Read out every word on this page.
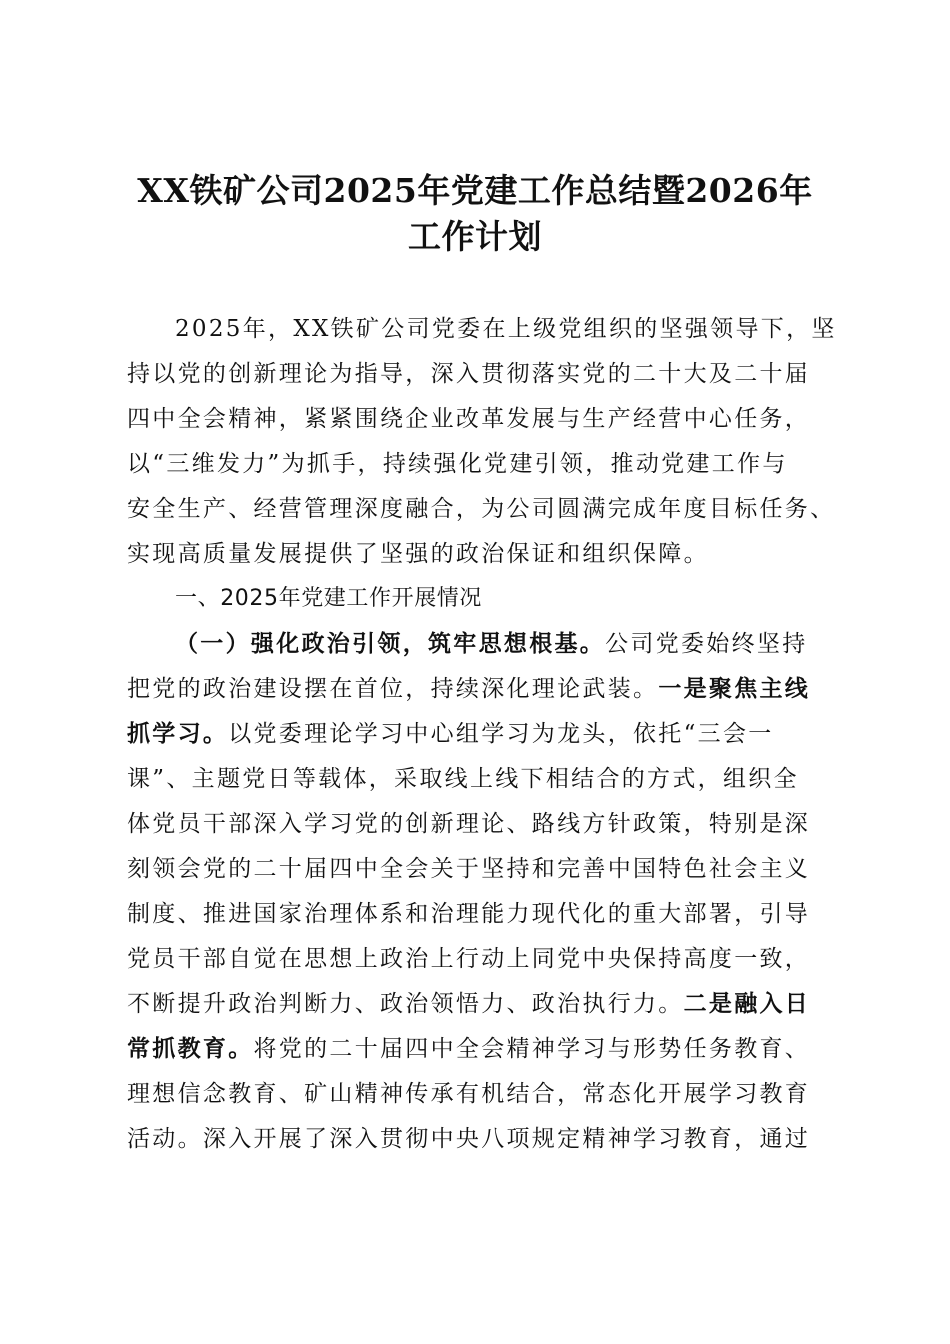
XX铁矿公司2025年党建工作总结暨2026年
工作计划
2025年，XX铁矿公司党委在上级党组织的坚强领导下，坚
持以党的创新理论为指导，深入贯彻落实党的二十大及二十届
四中全会精神，紧紧围绕企业改革发展与生产经营中心任务，
以“三维发力”为抓手，持续强化党建引领，推动党建工作与
安全生产、经营管理深度融合，为公司圆满完成年度目标任务、
实现高质量发展提供了坚强的政治保证和组织保障。
一、2025年党建工作开展情况
（一）强化政治引领，筑牢思想根基。公司党委始终坚持
把党的政治建设摆在首位，持续深化理论武装。一是聚焦主线
抓学习。以党委理论学习中心组学习为龙头，依托“三会一
课”、主题党日等载体，采取线上线下相结合的方式，组织全
体党员干部深入学习党的创新理论、路线方针政策，特别是深
刻领会党的二十届四中全会关于坚持和完善中国特色社会主义
制度、推进国家治理体系和治理能力现代化的重大部署，引导
党员干部自觉在思想上政治上行动上同党中央保持高度一致，
不断提升政治判断力、政治领悟力、政治执行力。二是融入日
常抓教育。将党的二十届四中全会精神学习与形势任务教育、
理想信念教育、矿山精神传承有机结合，常态化开展学习教育
活动。深入开展了深入贯彻中央八项规定精神学习教育，通过
